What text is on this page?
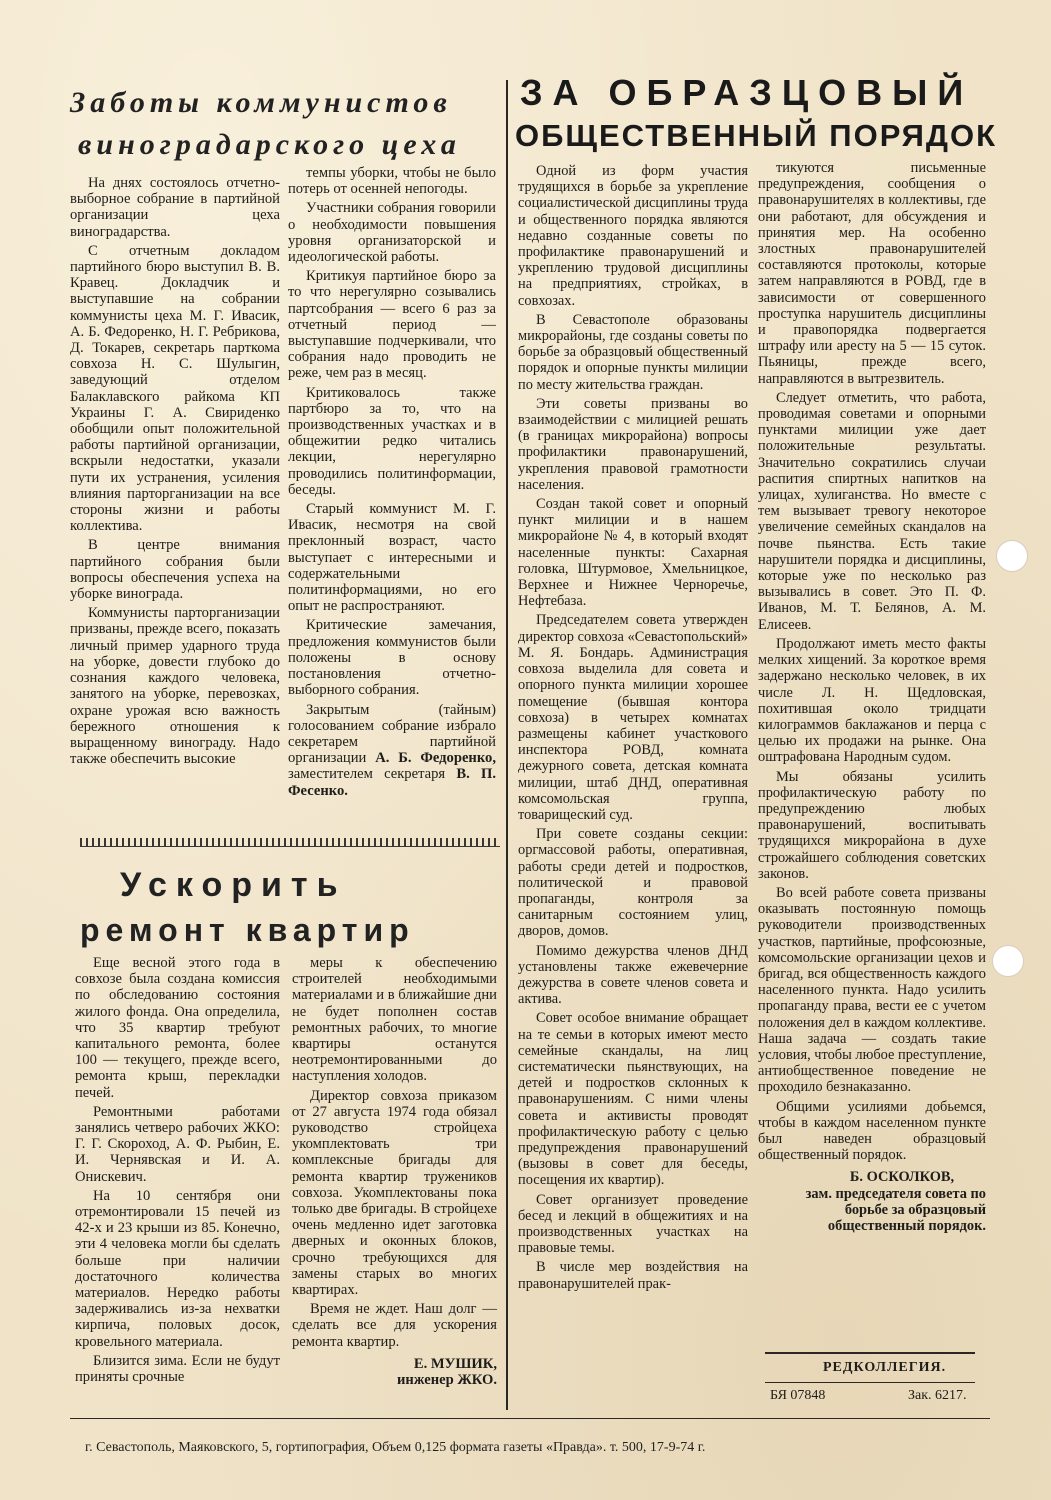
Заботы коммунистов
виноградарского цеха

На днях состоялось отчетно-выборное собрание в партийной организации цеха виноградарства.

С отчетным докладом партийного бюро выступил В. В. Кравец. Докладчик и выступавшие на собрании коммунисты цеха М. Г. Ивасик, А. Б. Федоренко, Н. Г. Ребрикова, Д. Токарев, секретарь парткома совхоза Н. С. Шулыгин, заведующий отделом Балаклавского райкома КП Украины Г. А. Свириденко обобщили опыт положительной работы партийной организации, вскрыли недостатки, указали пути их устранения, усиления влияния парторганизации на все стороны жизни и работы коллектива.

В центре внимания партийного собрания были вопросы обеспечения успеха на уборке винограда.

Коммунисты парторганизации призваны, прежде всего, показать личный пример ударного труда на уборке, довести глубоко до сознания каждого человека, занятого на уборке, перевозках, охране урожая всю важность бережного отношения к выращенному винограду. Надо также обеспечить высокие

темпы уборки, чтобы не было потерь от осенней непогоды.

Участники собрания говорили о необходимости повышения уровня организаторской и идеологической работы.

Критикуя партийное бюро за то что нерегулярно созывались партсобрания — всего 6 раз за отчетный период — выступавшие подчеркивали, что собрания надо проводить не реже, чем раз в месяц.

Критиковалось также партбюро за то, что на производственных участках и в общежитии редко читались лекции, нерегулярно проводились политинформации, беседы.

Старый коммунист М. Г. Ивасик, несмотря на свой преклонный возраст, часто выступает с интересными и содержательными политинформациями, но его опыт не распространяют.

Критические замечания, предложения коммунистов были положены в основу постановления отчетно-выборного собрания.

Закрытым (тайным) голосованием собрание избрало секретарем партийной организации А. Б. Федоренко, заместителем секретаря В. П. Фесенко.

Ускорить
ремонт квартир

Еще весной этого года в совхозе была создана комиссия по обследованию состояния жилого фонда. Она определила, что 35 квартир требуют капитального ремонта, более 100 — текущего, прежде всего, ремонта крыш, перекладки печей.

Ремонтными работами занялись четверо рабочих ЖКО: Г. Г. Скороход, А. Ф. Рыбин, Е. И. Чернявская и И. А. Онискевич.

На 10 сентября они отремонтировали 15 печей из 42-х и 23 крыши из 85. Конечно, эти 4 человека могли бы сделать больше при наличии достаточного количества материалов. Нередко работы задерживались из-за нехватки кирпича, половых досок, кровельного материала.

Близится зима. Если не будут приняты срочные

меры к обеспечению строителей необходимыми материалами и в ближайшие дни не будет пополнен состав ремонтных рабочих, то многие квартиры останутся неотремонтированными до наступления холодов.

Директор совхоза приказом от 27 августа 1974 года обязал руководство стройцеха укомплектовать три комплексные бригады для ремонта квартир тружеников совхоза. Укомплектованы пока только две бригады. В стройцехе очень медленно идет заготовка дверных и оконных блоков, срочно требующихся для замены старых во многих квартирах.

Время не ждет. Наш долг — сделать все для ускорения ремонта квартир.

Е. МУШИК,
инженер ЖКО.
ЗА ОБРАЗЦОВЫЙ
ОБЩЕСТВЕННЫЙ ПОРЯДОК

Одной из форм участия трудящихся в борьбе за укрепление социалистической дисциплины труда и общественного порядка являются недавно созданные советы по профилактике правонарушений и укреплению трудовой дисциплины на предприятиях, стройках, в совхозах.

В Севастополе образованы микрорайоны, где созданы советы по борьбе за образцовый общественный порядок и опорные пункты милиции по месту жительства граждан.

Эти советы призваны во взаимодействии с милицией решать (в границах микрорайона) вопросы профилактики правонарушений, укрепления правовой грамотности населения.

Создан такой совет и опорный пункт милиции и в нашем микрорайоне № 4, в который входят населенные пункты: Сахарная головка, Штурмовое, Хмельницкое, Верхнее и Нижнее Черноречье, Нефтебаза.

Председателем совета утвержден директор совхоза «Севастопольский» М. Я. Бондарь. Администрация совхоза выделила для совета и опорного пункта милиции хорошее помещение (бывшая контора совхоза) в четырех комнатах размещены кабинет участкового инспектора РОВД, комната дежурного совета, детская комната милиции, штаб ДНД, оперативная комсомольская группа, товарищеский суд.

При совете созданы секции: оргмассовой работы, оперативная, работы среди детей и подростков, политической и правовой пропаганды, контроля за санитарным состоянием улиц, дворов, домов.

Помимо дежурства членов ДНД установлены также ежевечерние дежурства в совете членов совета и актива.

Совет особое внимание обращает на те семьи в которых имеют место семейные скандалы, на лиц систематически пьянствующих, на детей и подростков склонных к правонарушениям. С ними члены совета и активисты проводят профилактическую работу с целью предупреждения правонарушений (вызовы в совет для беседы, посещения их квартир).

Совет организует проведение бесед и лекций в общежитиях и на производственных участках на правовые темы.

В числе мер воздействия на правонарушителей прак-

тикуются письменные предупреждения, сообщения о правонарушителях в коллективы, где они работают, для обсуждения и принятия мер. На особенно злостных правонарушителей составляются протоколы, которые затем направляются в РОВД, где в зависимости от совершенного проступка нарушитель дисциплины и правопорядка подвергается штрафу или аресту на 5 — 15 суток. Пьяницы, прежде всего, направляются в вытрезвитель.

Следует отметить, что работа, проводимая советами и опорными пунктами милиции уже дает положительные результаты. Значительно сократились случаи распития спиртных напитков на улицах, хулиганства. Но вместе с тем вызывает тревогу некоторое увеличение семейных скандалов на почве пьянства. Есть такие нарушители порядка и дисциплины, которые уже по несколько раз вызывались в совет. Это П. Ф. Иванов, М. Т. Белянов, А. М. Елисеев.

Продолжают иметь место факты мелких хищений. За короткое время задержано несколько человек, в их числе Л. Н. Щедловская, похитившая около тридцати килограммов баклажанов и перца с целью их продажи на рынке. Она оштрафована Народным судом.

Мы обязаны усилить профилактическую работу по предупреждению любых правонарушений, воспитывать трудящихся микрорайона в духе строжайшего соблюдения советских законов.

Во всей работе совета призваны оказывать постоянную помощь руководители производственных участков, партийные, профсоюзные, комсомольские организации цехов и бригад, вся общественность каждого населенного пункта. Надо усилить пропаганду права, вести ее с учетом положения дел в каждом коллективе. Наша задача — создать такие условия, чтобы любое преступление, антиобщественное поведение не проходило безнаказанно.

Общими усилиями добьемся, чтобы в каждом населенном пункте был наведен образцовый общественный порядок.

Б. ОСКОЛКОВ,
зам. председателя совета по борьбе за образцовый общественный порядок.
РЕДКОЛЛЕГИЯ.
БЯ 07848	Зак. 6217.
г. Севастополь, Маяковского, 5, гортипография, Объем 0,125 формата газеты «Правда». т. 500, 17-9-74 г.
